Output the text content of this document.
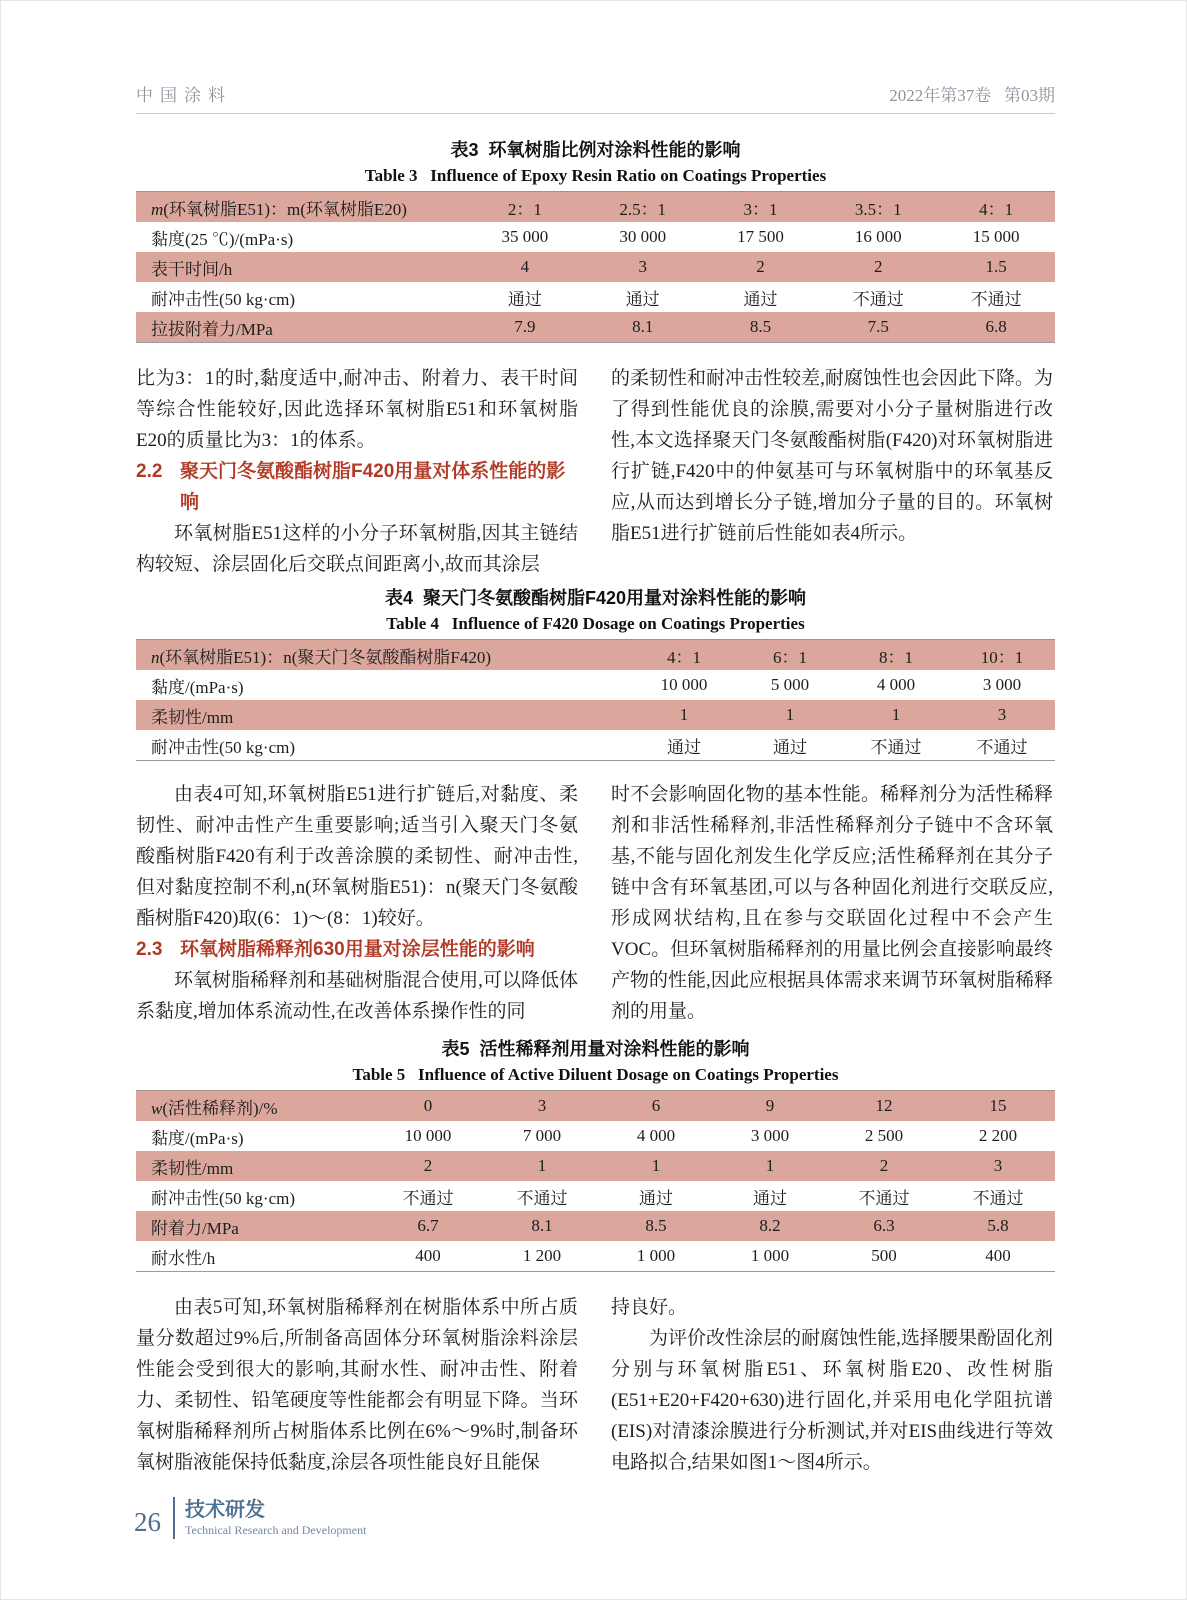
中国涂料	2022年第37卷   第03期
表3  环氧树脂比例对涂料性能的影响
Table 3   Influence of Epoxy Resin Ratio on Coatings Properties
m(环氧树脂E51)：m(环氧树脂E20)	2：1	2.5：1	3：1	3.5：1	4：1
黏度(25 ℃)/(mPa·s)	35 000	30 000	17 500	16 000	15 000
表干时间/h	4	3	2	2	1.5
耐冲击性(50 kg·cm)	通过	通过	通过	不通过	不通过
拉拔附着力/MPa	7.9	8.1	8.5	7.5	6.8

比为3：1的时,黏度适中,耐冲击、附着力、表干时间等综合性能较好,因此选择环氧树脂E51和环氧树脂E20的质量比为3：1的体系。

2.2 聚天门冬氨酸酯树脂F420用量对体系性能的影响

环氧树脂E51这样的小分子环氧树脂,因其主链结构较短、涂层固化后交联点间距离小,故而其涂层

的柔韧性和耐冲击性较差,耐腐蚀性也会因此下降。为了得到性能优良的涂膜,需要对小分子量树脂进行改性,本文选择聚天门冬氨酸酯树脂(F420)对环氧树脂进行扩链,F420中的仲氨基可与环氧树脂中的环氧基反应,从而达到增长分子链,增加分子量的目的。环氧树脂E51进行扩链前后性能如表4所示。

表4  聚天门冬氨酸酯树脂F420用量对涂料性能的影响
Table 4   Influence of F420 Dosage on Coatings Properties
n(环氧树脂E51)：n(聚天门冬氨酸酯树脂F420)	4：1	6：1	8：1	10：1
黏度/(mPa·s)	10 000	5 000	4 000	3 000
柔韧性/mm	1	1	1	3
耐冲击性(50 kg·cm)	通过	通过	不通过	不通过

由表4可知,环氧树脂E51进行扩链后,对黏度、柔韧性、耐冲击性产生重要影响;适当引入聚天门冬氨酸酯树脂F420有利于改善涂膜的柔韧性、耐冲击性,但对黏度控制不利,n(环氧树脂E51)：n(聚天门冬氨酸酯树脂F420)取(6：1)～(8：1)较好。

2.3 环氧树脂稀释剂630用量对涂层性能的影响

环氧树脂稀释剂和基础树脂混合使用,可以降低体系黏度,增加体系流动性,在改善体系操作性的同

时不会影响固化物的基本性能。稀释剂分为活性稀释剂和非活性稀释剂,非活性稀释剂分子链中不含环氧基,不能与固化剂发生化学反应;活性稀释剂在其分子链中含有环氧基团,可以与各种固化剂进行交联反应,形成网状结构,且在参与交联固化过程中不会产生VOC。但环氧树脂稀释剂的用量比例会直接影响最终产物的性能,因此应根据具体需求来调节环氧树脂稀释剂的用量。

表5  活性稀释剂用量对涂料性能的影响
Table 5   Influence of Active Diluent Dosage on Coatings Properties
w(活性稀释剂)/%	0	3	6	9	12	15
黏度/(mPa·s)	10 000	7 000	4 000	3 000	2 500	2 200
柔韧性/mm	2	1	1	1	2	3
耐冲击性(50 kg·cm)	不通过	不通过	通过	通过	不通过	不通过
附着力/MPa	6.7	8.1	8.5	8.2	6.3	5.8
耐水性/h	400	1 200	1 000	1 000	500	400

由表5可知,环氧树脂稀释剂在树脂体系中所占质量分数超过9%后,所制备高固体分环氧树脂涂料涂层性能会受到很大的影响,其耐水性、耐冲击性、附着力、柔韧性、铅笔硬度等性能都会有明显下降。当环氧树脂稀释剂所占树脂体系比例在6%～9%时,制备环氧树脂液能保持低黏度,涂层各项性能良好且能保

持良好。

为评价改性涂层的耐腐蚀性能,选择腰果酚固化剂分别与环氧树脂E51、环氧树脂E20、改性树脂(E51+E20+F420+630)进行固化,并采用电化学阻抗谱(EIS)对清漆涂膜进行分析测试,并对EIS曲线进行等效电路拟合,结果如图1～图4所示。

26 技术研发
Technical Research and Development
